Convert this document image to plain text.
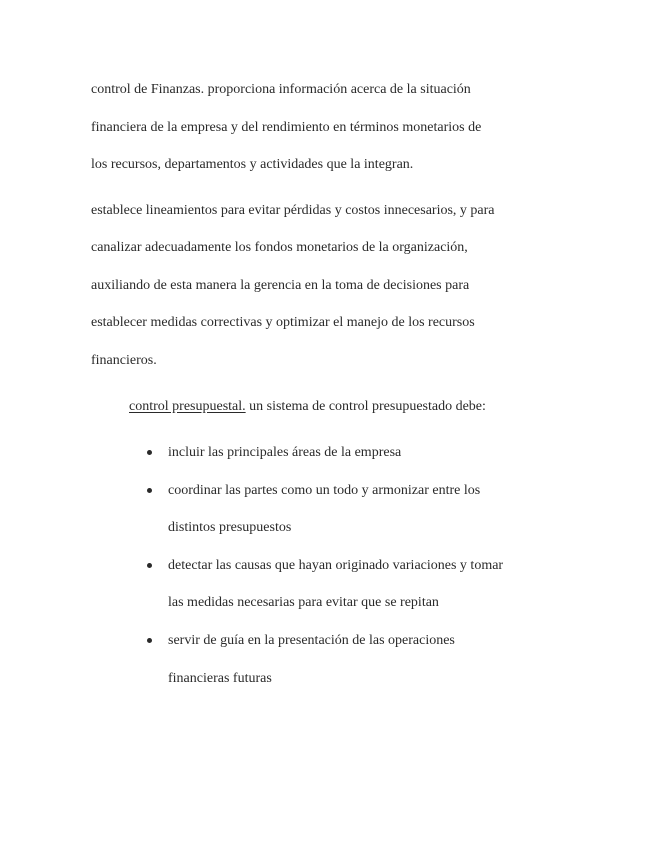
control de Finanzas. proporciona información acerca de la situación
financiera de la empresa y del rendimiento en términos monetarios de
los recursos, departamentos y actividades que la integran.
establece lineamientos para evitar pérdidas y costos innecesarios, y para
canalizar adecuadamente los fondos monetarios de la organización,
auxiliando de esta manera la gerencia en la toma de decisiones para
establecer medidas correctivas y optimizar el manejo de los recursos
financieros.
control presupuestal. un sistema de control presupuestado debe:
incluir las principales áreas de la empresa
coordinar las partes como un todo y armonizar entre los
distintos presupuestos
detectar las causas que hayan originado variaciones y tomar
las medidas necesarias para evitar que se repitan
servir de guía en la presentación de las operaciones
financieras futuras
